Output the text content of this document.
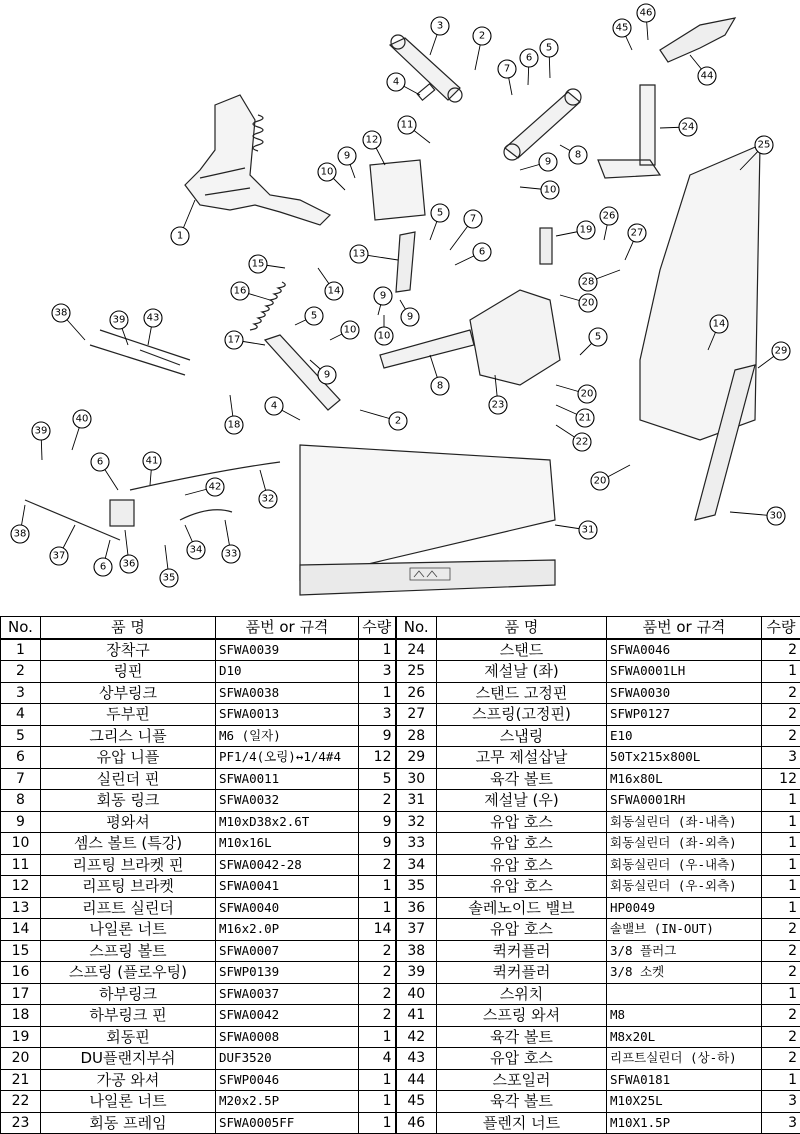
1
2
3
4
5
6
7
8
9
10
11
12
9
10
5
7
6
13
19
26
27
28
20
5
15
14
16
5
10
9
9
10
17
9
8
23
20
21
22
4
2
18
25
24
44
45
46
14
29
30
20
31
39
38	43
40
39
6	41
42
32
38
37
6 36
34 33
35
No.	품 명	품번 or 규격	수량	No.	품 명	품번 or 규격	수량
1	장착구	SFWA0039	1	24	스탠드	SFWA0046	2
2	링핀	D10	3	25	제설날 (좌)	SFWA0001LH	1
3	상부링크	SFWA0038	1	26	스탠드 고정핀	SFWA0030	2
4	두부핀	SFWA0013	3	27	스프링(고정핀)	SFWP0127	2
5	그리스 니플	M6 (일자)	9	28	스냅링	E10	2
6	유압 니플	PF1/4(오링)↔1/4#4	12	29	고무 제설삽날	50Tx215x800L	3
7	실린더 핀	SFWA0011	5	30	육각 볼트	M16x80L	12
8	회동 링크	SFWA0032	2	31	제설날 (우)	SFWA0001RH	1
9	평와셔	M10xD38x2.6T	9	32	유압 호스	회동실린더 (좌-내측)	1
10	셈스 볼트 (특강)	M10x16L	9	33	유압 호스	회동실린더 (좌-외측)	1
11	리프팅 브라켓 핀	SFWA0042-28	2	34	유압 호스	회동실린더 (우-내측)	1
12	리프팅 브라켓	SFWA0041	1	35	유압 호스	회동실린더 (우-외측)	1
13	리프트 실린더	SFWA0040	1	36	솔레노이드 밸브	HP0049	1
14	나일론 너트	M16x2.0P	14	37	유압 호스	솔밸브 (IN-OUT)	2
15	스프링 볼트	SFWA0007	2	38	퀵커플러	3/8 플러그	2
16	스프링 (플로우팅)	SFWP0139	2	39	퀵커플러	3/8 소켓	2
17	하부링크	SFWA0037	2	40	스위치		1
18	하부링크 핀	SFWA0042	2	41	스프링 와셔	M8	2
19	회동핀	SFWA0008	1	42	육각 볼트	M8x20L	2
20	DU플랜지부쉬	DUF3520	4	43	유압 호스	리프트실린더 (상-하)	2
21	가공 와셔	SFWP0046	1	44	스포일러	SFWA0181	1
22	나일론 너트	M20x2.5P	1	45	육각 볼트	M10X25L	3
23	회동 프레임	SFWA0005FF	1	46	플렌지 너트	M10X1.5P	3
